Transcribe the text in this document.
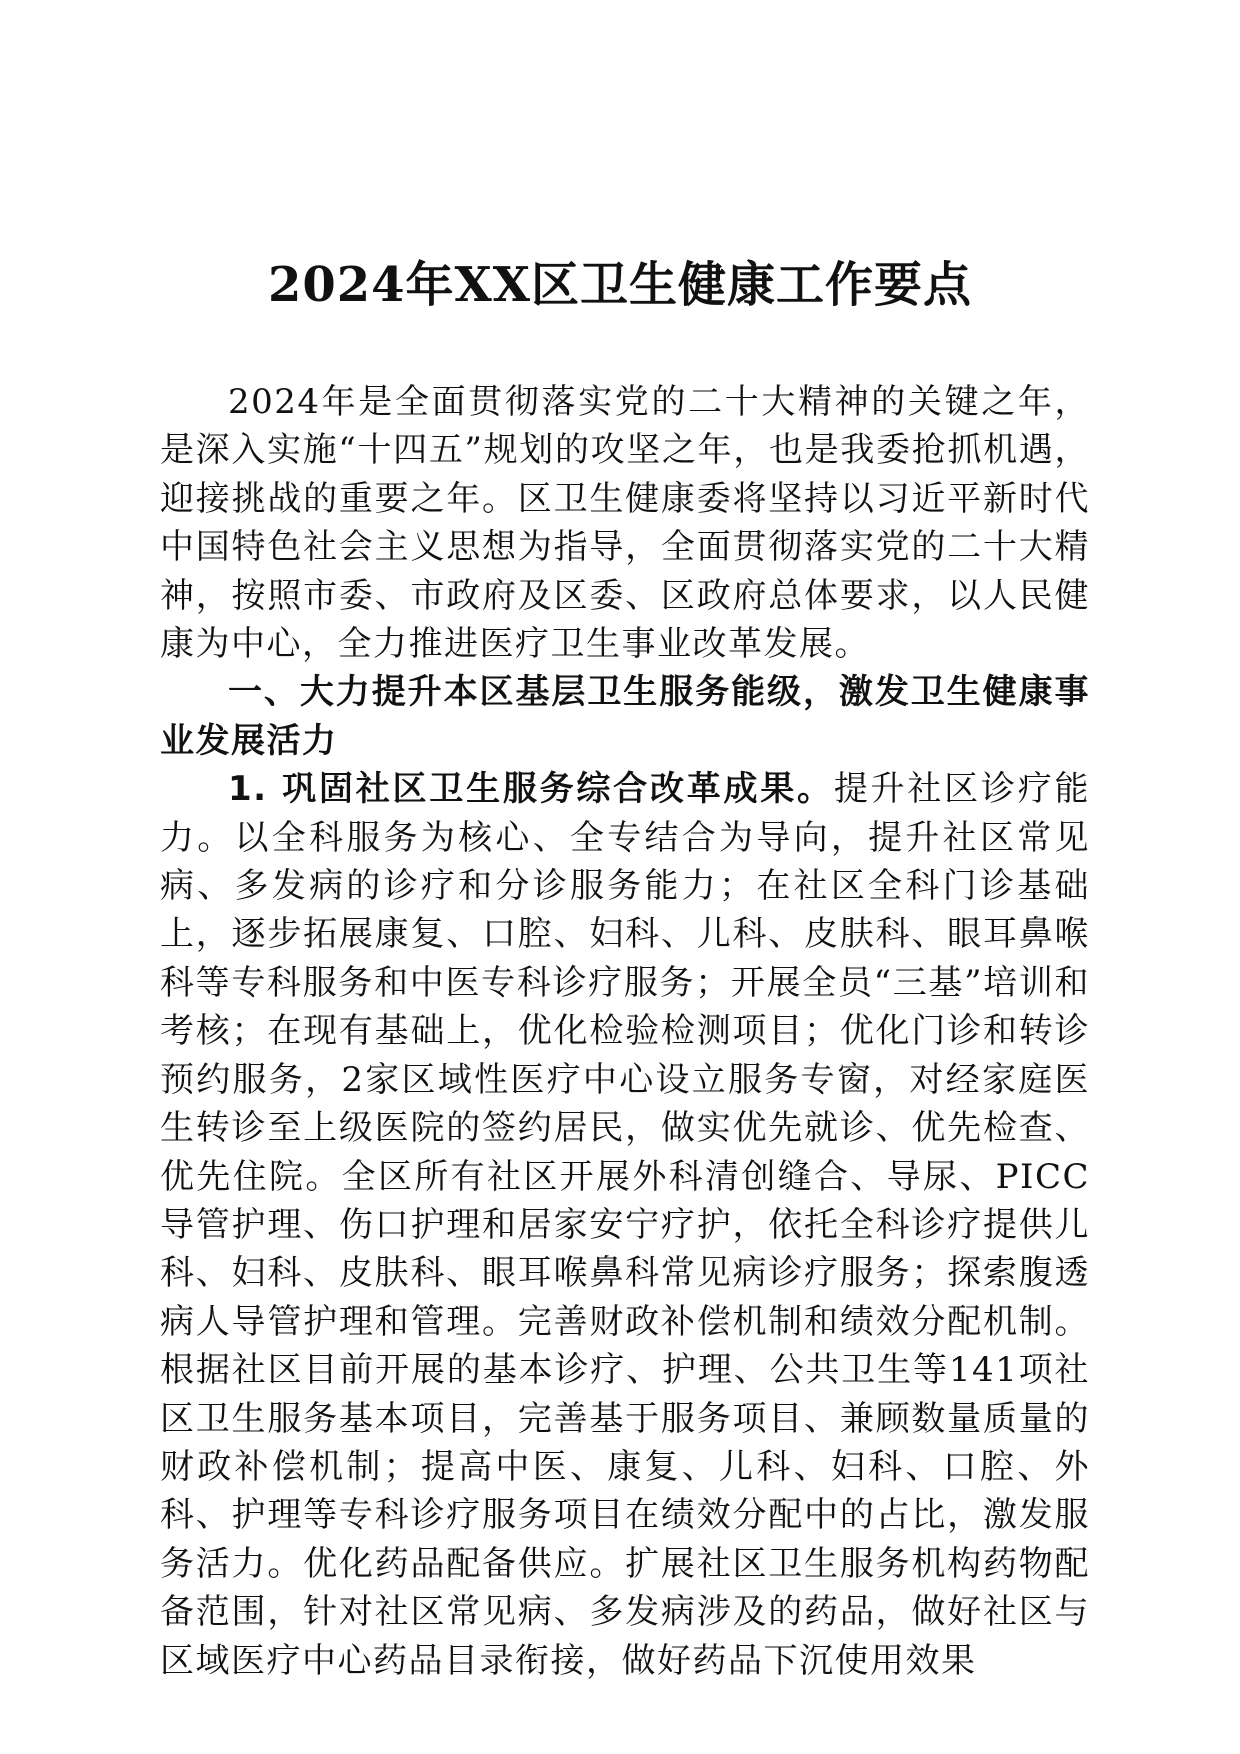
2024年XX区卫生健康工作要点

2024年是全面贯彻落实党的二十大精神的关键之年，是深入实施“十四五”规划的攻坚之年，也是我委抢抓机遇，迎接挑战的重要之年。区卫生健康委将坚持以习近平新时代中国特色社会主义思想为指导，全面贯彻落实党的二十大精神，按照市委、市政府及区委、区政府总体要求，以人民健康为中心，全力推进医疗卫生事业改革发展。

一、大力提升本区基层卫生服务能级，激发卫生健康事业发展活力

1. 巩固社区卫生服务综合改革成果。提升社区诊疗能力。以全科服务为核心、全专结合为导向，提升社区常见病、多发病的诊疗和分诊服务能力；在社区全科门诊基础上，逐步拓展康复、口腔、妇科、儿科、皮肤科、眼耳鼻喉科等专科服务和中医专科诊疗服务；开展全员“三基”培训和考核；在现有基础上，优化检验检测项目；优化门诊和转诊预约服务，2家区域性医疗中心设立服务专窗，对经家庭医生转诊至上级医院的签约居民，做实优先就诊、优先检查、优先住院。全区所有社区开展外科清创缝合、导尿、PICC导管护理、伤口护理和居家安宁疗护，依托全科诊疗提供儿科、妇科、皮肤科、眼耳喉鼻科常见病诊疗服务；探索腹透病人导管护理和管理。完善财政补偿机制和绩效分配机制。根据社区目前开展的基本诊疗、护理、公共卫生等141项社区卫生服务基本项目，完善基于服务项目、兼顾数量质量的财政补偿机制；提高中医、康复、儿科、妇科、口腔、外科、护理等专科诊疗服务项目在绩效分配中的占比，激发服务活力。优化药品配备供应。扩展社区卫生服务机构药物配备范围，针对社区常见病、多发病涉及的药品，做好社区与区域医疗中心药品目录衔接，做好药品下沉使用效果
